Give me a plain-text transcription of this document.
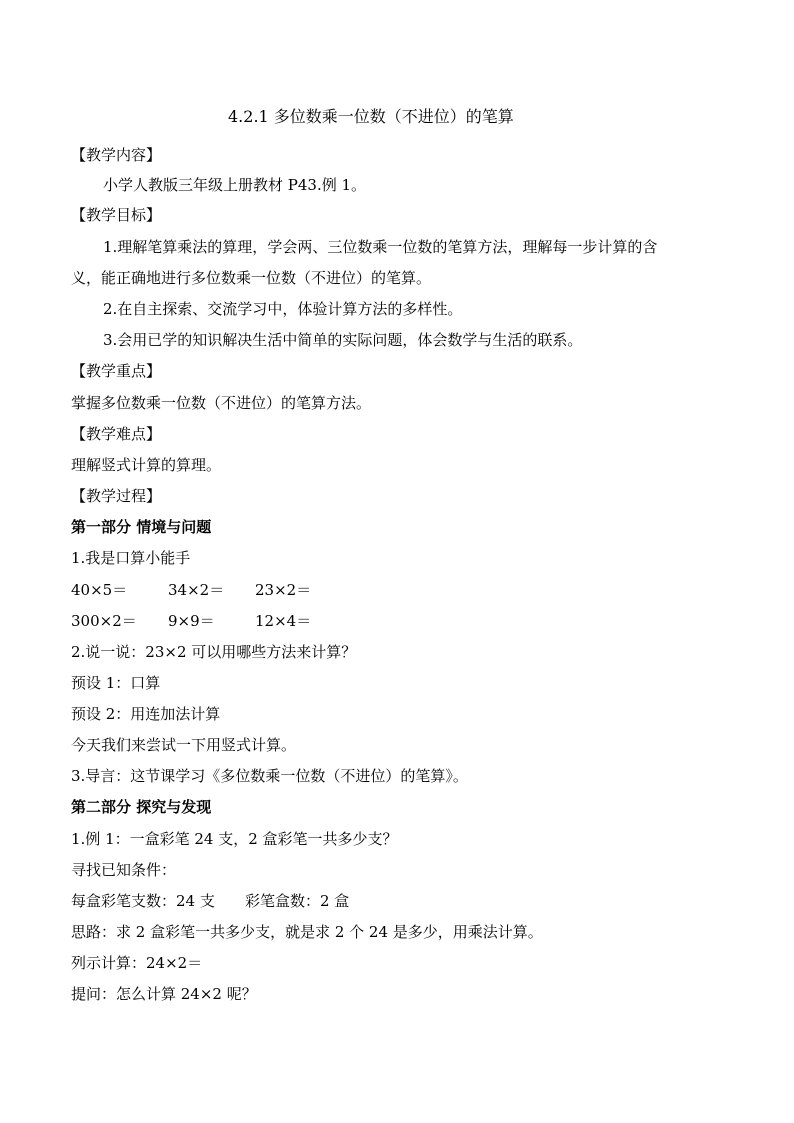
4.2.1 多位数乘一位数（不进位）的笔算
【教学内容】
小学人教版三年级上册教材 P43.例 1。
【教学目标】
1.理解笔算乘法的算理，学会两、三位数乘一位数的笔算方法，理解每一步计算的含
义，能正确地进行多位数乘一位数（不进位）的笔算。
2.在自主探索、交流学习中，体验计算方法的多样性。
3.会用已学的知识解决生活中简单的实际问题，体会数学与生活的联系。
【教学重点】
掌握多位数乘一位数（不进位）的笔算方法。
【教学难点】
理解竖式计算的算理。
【教学过程】
第一部分 情境与问题
1.我是口算小能手
40×5＝	34×2＝ 23×2＝
300×2＝ 9×9＝	12×4＝
2.说一说：23×2 可以用哪些方法来计算？
预设 1：口算
预设 2：用连加法计算
今天我们来尝试一下用竖式计算。
3.导言：这节课学习《多位数乘一位数（不进位）的笔算》。
第二部分 探究与发现
1.例 1：一盒彩笔 24 支，2 盒彩笔一共多少支？
寻找已知条件：
每盒彩笔支数：24 支 彩笔盒数：2 盒
思路：求 2 盒彩笔一共多少支，就是求 2 个 24 是多少，用乘法计算。
列示计算：24×2＝
提问：怎么计算 24×2 呢？
